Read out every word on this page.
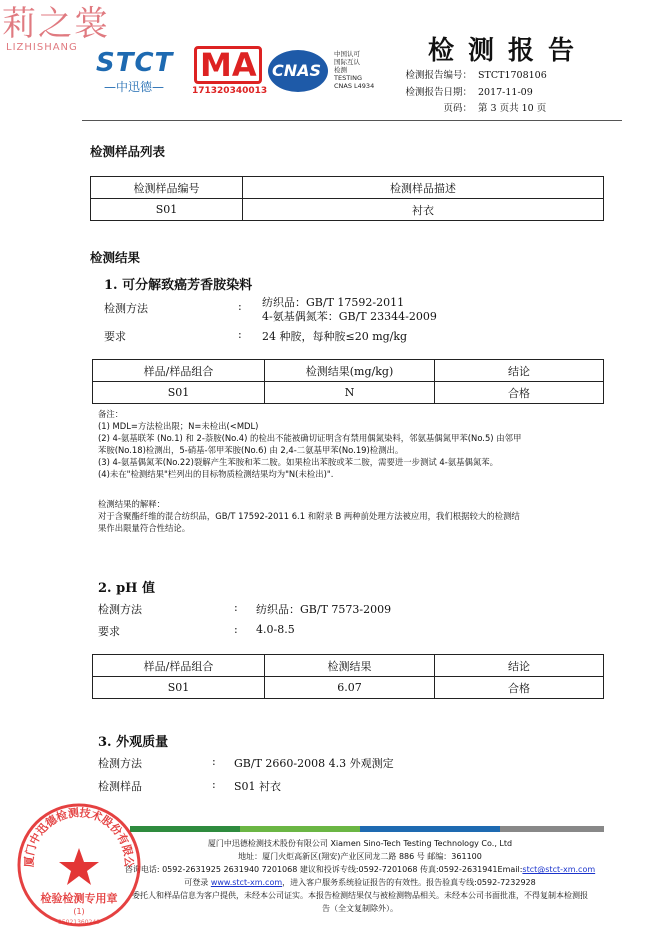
莉之裳
LIZHISHANG
STCT
—中迅德—
MA
171320340013
CNAS
中国认可
国际互认
检测
TESTING
CNAS L4934
检测报告
检测报告编号： STCT1708106
检测报告日期： 2017-11-09
页码： 第 3 页共 10 页
检测样品列表
检测样品编号	检测样品描述
S01	衬衣
检测结果
1. 可分解致癌芳香胺染料
检测方法	: 纺织品：GB/T 17592-2011
4-氨基偶氮苯：GB/T 23344-2009
要求	: 24 种胺，每种胺≤20 mg/kg
样品/样品组合	检测结果(mg/kg)	结论
S01	N	合格
备注：
(1) MDL=方法检出限；N=未检出(<MDL)
(2) 4-氨基联苯 (No.1) 和 2-萘胺(No.4) 的检出不能被确切证明含有禁用偶氮染料，邻氨基偶氮甲苯(No.5) 由邻甲
苯胺(No.18)检测出，5-硝基-邻甲苯胺(No.6) 由 2,4-二氨基甲苯(No.19)检测出。
(3) 4-氨基偶氮苯(No.22)裂解产生苯胺和苯二胺。如果检出苯胺或苯二胺，需要进一步测试 4-氨基偶氮苯。
(4)未在"检测结果"栏列出的目标物质检测结果均为"N(未检出)".
检测结果的解释：
对于含聚酯纤维的混合纺织品，GB/T 17592-2011 6.1 和附录 B 两种前处理方法被应用，我们根据较大的检测结
果作出限量符合性结论。
2. pH 值
检测方法	: 纺织品：GB/T 7573-2009
要求	: 4.0-8.5
样品/样品组合	检测结果	结论
S01	6.07	合格
3. 外观质量
检测方法	: GB/T 2660-2008 4.3 外观测定
检测样品	: S01 衬衣
厦门中迅德检测技术股份有限公司 Xiamen Sino-Tech Testing Technology Co., Ltd
地址：厦门火炬高新区(翔安)产业区同龙二路 886 号 邮编：361100
咨询电话: 0592-2631925 2631940 7201068 建议和投诉专线:0592-7201068 传真:0592-2631941Email:stct@stct-xm.com
可登录 www.stct-xm.com，进入客户服务系统验证报告的有效性。报告验真专线:0592-7232928
委托人和样品信息为客户提供，未经本公司证实。本报告检测结果仅与被检测物品相关。未经本公司书面批准，不得复制本检测报
告（全文复制除外）。
厦门中迅德检测技术股份有限公
检验检测专用章
(1)
35021360240
